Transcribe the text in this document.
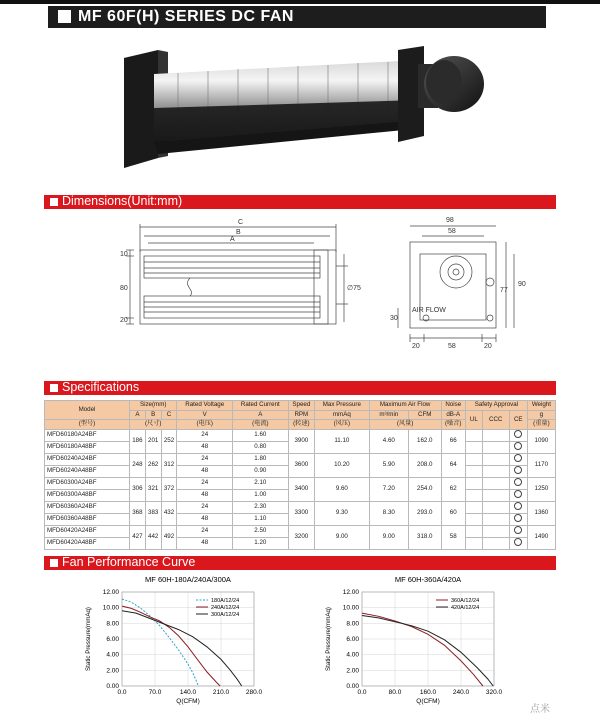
MF 60F(H) SERIES DC FAN
Dimensions(Unit:mm)
C
B
A
10
80
20
∅75
98
58
90
77
30
AIR FLOW
20	58	20
Specifications
Model	Size(mm)			Rated Voltage	Rated Current	Speed	Max Pressure	Maximum Air Flow		Noise	Safety Approval			Weight
	A	B	C	V	A	RPM	mmAq	m³/min	CFM	dB-A	UL	CCC	CE	g
(型号)	(尺寸)			(电压)	(电流)	(转速)	(风压)	(风量)		(噪音)				(重量)
MFD60180A24BF	186	201	252	24	1.60	3900	11.10	4.60	162.0	66				1090
MFD60180A48BF				48	0.80									
MFD60240A24BF	248	262	312	24	1.80	3600	10.20	5.90	208.0	64				1170
MFD60240A48BF				48	0.90									
MFD60300A24BF	306	321	372	24	2.10	3400	9.60	7.20	254.0	62				1250
MFD60300A48BF				48	1.00									
MFD60360A24BF	368	383	432	24	2.30	3300	9.30	8.30	293.0	60				1360
MFD60360A48BF				48	1.10									
MFD60420A24BF	427	442	492	24	2.50	3200	9.00	9.00	318.0	58				1490
MFD60420A48BF				48	1.20									
Fan Performance Curve
MF 60H-180A/240A/300A
0.00
2.00
4.00
6.00
8.00
10.00
12.00
0.0	70.0	140.0	210.0	280.0
Q(CFM)
Static Pressure(mmAq)
180A/12/24
240A/12/24
300A/12/24
MF 60H-360A/420A
0.00
2.00
4.00
6.00
8.00
10.00
12.00
0.0	80.0	160.0	240.0	320.0
Q(CFM)
Static Pressure(mmAq)
360A/12/24
420A/12/24
点米
